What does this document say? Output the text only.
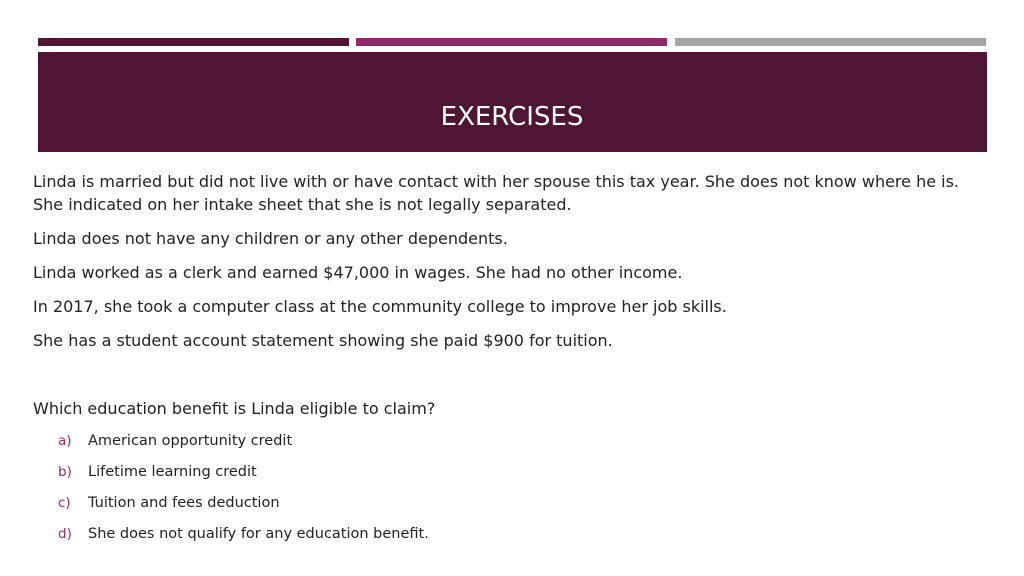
EXERCISES

Linda is married but did not live with or have contact with her spouse this tax year. She does not know where he is. She indicated on her intake sheet that she is not legally separated.

Linda does not have any children or any other dependents.

Linda worked as a clerk and earned $47,000 in wages. She had no other income.

In 2017, she took a computer class at the community college to improve her job skills.

She has a student account statement showing she paid $900 for tuition.

Which education benefit is Linda eligible to claim?

a) American opportunity credit
b) Lifetime learning credit
c) Tuition and fees deduction
d) She does not qualify for any education benefit.
